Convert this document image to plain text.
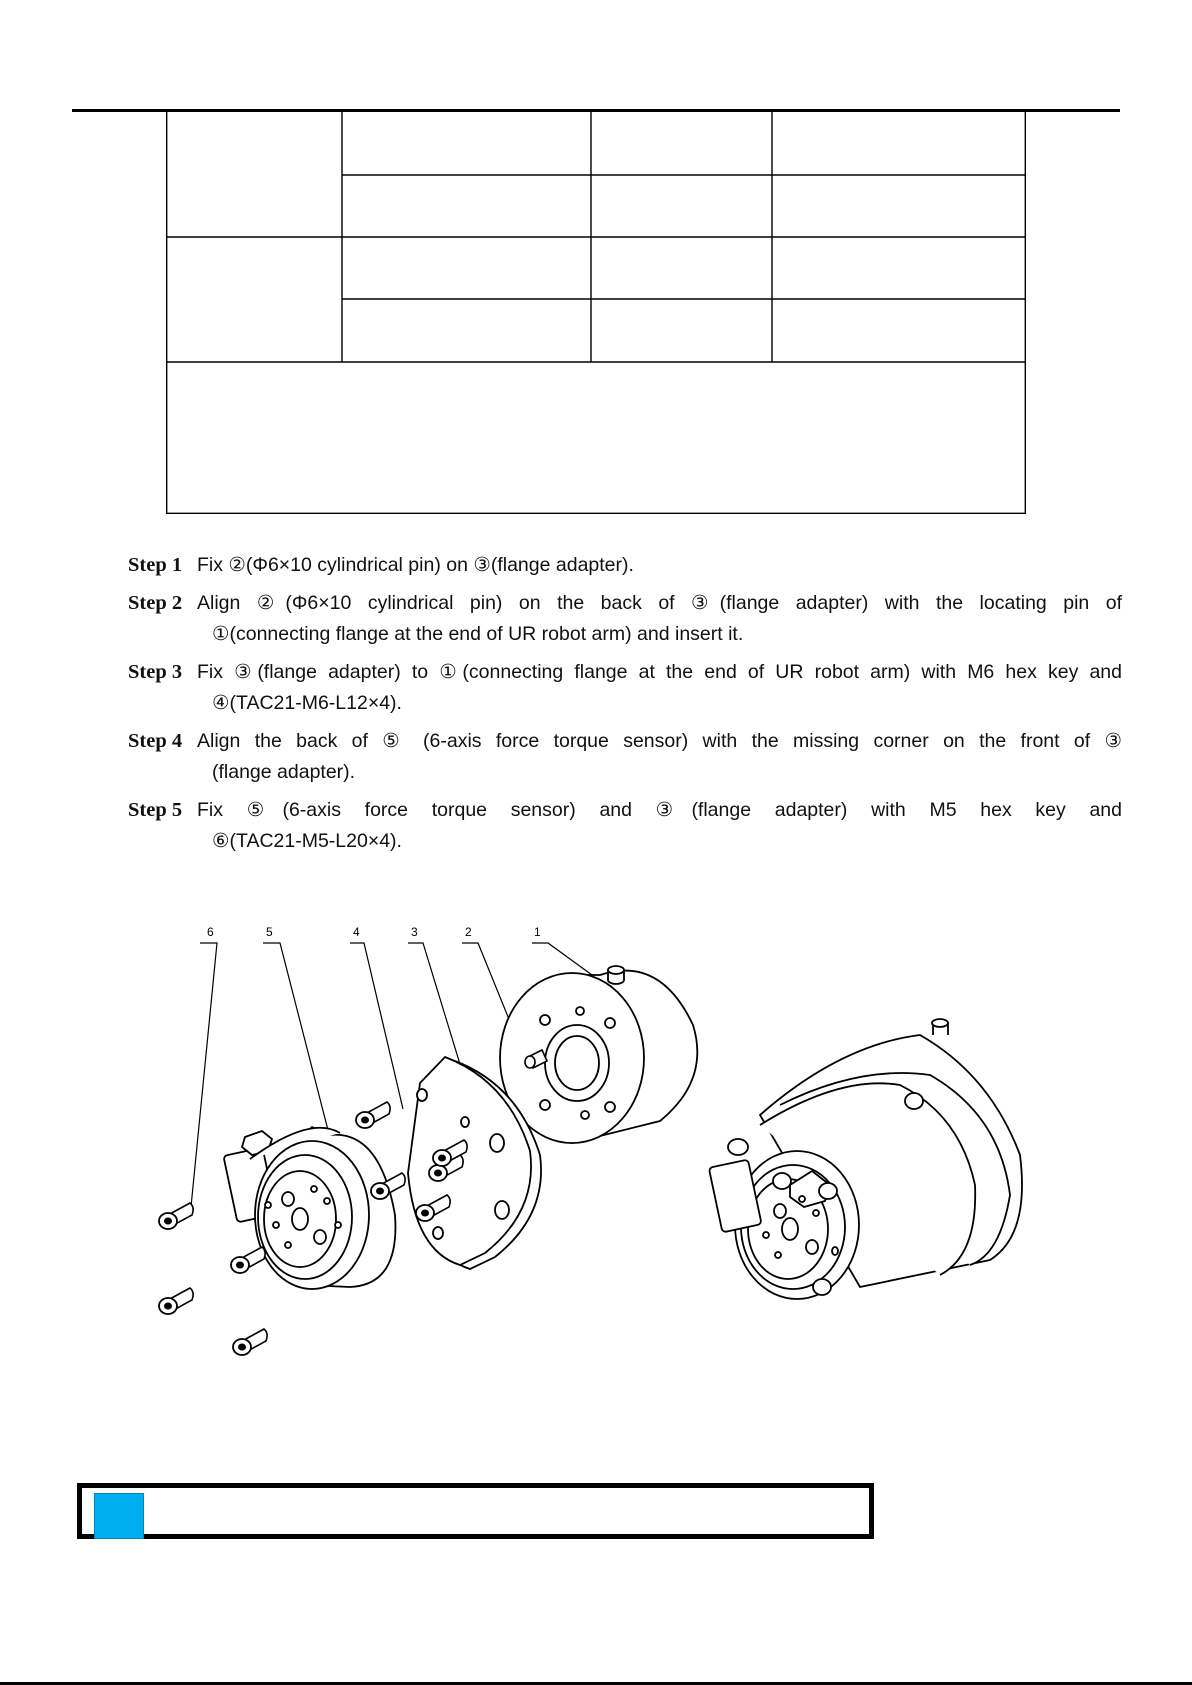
Step 1 Fix ②(Φ6×10 cylindrical pin) on ③(flange adapter).
Step 2 Align ②(Φ6×10 cylindrical pin) on the back of ③(flange adapter) with the locating pin of
①(connecting flange at the end of UR robot arm) and insert it.
Step 3 Fix ③(flange adapter) to ①(connecting flange at the end of UR robot arm) with M6 hex key and
④(TAC21-M6-L12×4).
Step 4 Align the back of ⑤ (6-axis force torque sensor) with the missing corner on the front of ③
(flange adapter).
Step 5 Fix ⑤(6-axis force torque sensor) and ③(flange adapter) with M5 hex key and
⑥(TAC21-M5-L20×4).
6	5	4	3	2	1
